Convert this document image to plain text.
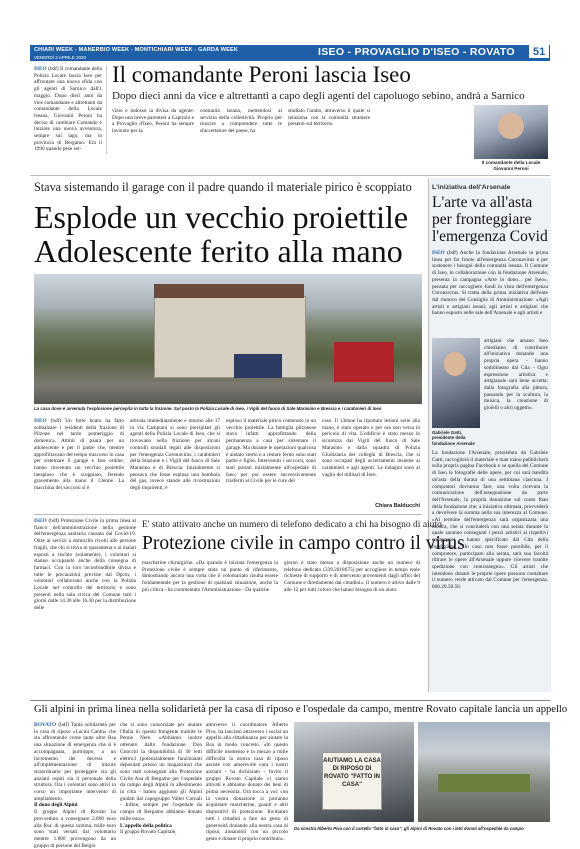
CHIARI WEEK - MANERBIO WEEK - MONTICHIARI WEEK - GARDA WEEK
VENERDÌ 3 APRILE 2020	ISEO - PROVAGLIO D'ISEO - ROVATO	51
ISEO (bdf) Il comandante della Polizia Locale lascia Iseo per affrontare una nuova sfida con gli agenti di Sarnico dall'1 maggio. Dopo dieci anni da vice comandante e altrettanti da comandante della Locale Iseana, Giovanni Peroni ha deciso di cambiare Comando e iniziare una nuova avventura, sempre sul lago, ma in provincia di Bergamo. Era il 1990 quando pese ser-
Il comandante Peroni lascia Iseo
Dopo dieci anni da vice e altrettanti a capo degli agenti del capoluogo sebino, andrà a Sarnico
vizio e indossò la divisa da agente. Dopo una breve parentesi a Capriolo e a Provaglio d'Iseo, Peroni ha sempre lavorato per la
comunità iseana, mettendosi al servizio della collettività. Proprio per riuscire a comprendere tutte le sfaccettature del paese, ha
studiato l'arabo, attraverso il quale si relaziona con la comunità straniere presenti sul territorio.
Il comandante della Locale Giovanni Peroni
Stava sistemando il garage con il padre quando il materiale pirico è scoppiato
Esplode un vecchio proiettile
Adolescente ferito alla mano
La casa dove è avvenuta l'esplosione percepita in tutta la frazione. Sul posto la Polizia Locale di Iseo, i Vigili del fuoco di Sale Marasino e Brescia e i carabinieri di Iseo
ISEO (bdf) Un forte boato ha fatto sobbalzare i residenti della frazione di Pilzone nel tardo pomeriggio di domenica. Attimi di paura per un adolescente e per il padre che, mentre approfittavano del tempo trascorso in casa per sistemare il garage e fare ordine, hanno rinvenuto un vecchio proiettile inesploso che è scoppiato, ferendo gravemente alla mano il 13enne. La macchina dei soccorsi si è
attivata immediatamente e intorno alle 17 in via Campiani si sono precipitati gli agenti della Polizia Locale di Iseo, che si trovavano nella frazione per alcuni controlli stradali legati alle disposizioni per l'emergenza Coronavirus, i carabinieri della Stazione e i Vigili del fuoco di Sale Marasino e di Brescia. Inizialmente si pensava che fosse esplosa una bombola del gas, invece stando alle ricostruzioni degli inquirenti, è
esploso il materiale pirico contenuto in un vecchio proiettile. La famiglia pilzonese stava infatti approfittando della permanenza a casa per sistemare il garage. Ma durante le operazioni qualcosa è andato storto e a restare ferito sono stati padre e figlio. Intervenuti i soccorsi, sono stati portati inizialmente all'ospedale di Iseo, per poi essere successivamente trasferiti al Civile per le cure del
caso. Il 13enne ha riportato lesioni serie alla mano, è stato operato e per ora non versa in pericolo di vita. L'edificio è stato messo in sicurezza dai Vigili del fuoco di Sale Marasino e dalla squadra di Polizia Giudiziaria dei colleghi di Brescia, che si sono occupati degli accertamenti insieme ai carabinieri e agli agenti. Le indagini sono al vaglio dei militari di Iseo.
Chiara Balducchi
L'iniziativa dell'Arsenale
L'arte va all'asta per fronteggiare l'emergenza Covid
ISEO (bdf) Anche la fondazione Arsenale in prima linea per far fronte all'emergenza Coronavirus e per sostenere i bisogni della comunità iseana. Il Comune di Iseo, in collaborazione con la fondazione Arsenale, presenta la campagna «Arte in dono... per Iseo», pensata per raccogliere fondi in vista dell'emergenza Coronavirus. Si tratta della prima iniziativa dell'ente dal rinnovo del Consiglio di Amministrazione. «Agli artisti e artigiani iseani, agli artisti e artigiani che hanno esposto nelle sale dell'Arsenale e agli artisti e
Gabriele Gatti, presidente della fondazione Arsenale
artigiani che amano Iseo chiediamo di contribuire all'iniziativa donando una propria opera - hanno sottolineato dal Cda - Ogni espressione artistica e artigianale sarà bene accetta: dalla fotografia alla pittura, passando per la scultura, la musica, la creazione di gioielli o altri oggetti».
La fondazione l'Arsenale, presieduta da Gabriele Gatti, raccoglierà il materiale e man mano pubblicherà sulla propria pagina Facebook e su quella del Comune di Iseo le fotografie delle opere, per cui sarà bandita un'asta della durata di una settimana ciascuna. I compratori dovranno fare, una volta ricevuta la comunicazione dell'assegnazione da parte dell'Arsenale, la propria donazione sul conto Iban della fondazione che, a iniziativa ultimata, provvederà a devolvere la somma nella sua interezza al Comune. «Al termine dell'emergenza sarà organizzata una mostra, che si concluderà con una serata durante la quale saranno consegnati i pezzi artistici ai rispettivi compratori - hanno specificato dal Cda della fondazione - In caso non fosse possibile, per il compratore, partecipare alla serata, sarà sua facoltà ritirare le opere all'Arsenale oppure ricevere tramite spedizione con contrassegno». Gli artisti che intendono donare le proprie opere possono contattare il numero verde attivato dal Comune per l'emergenza, 800.20.58.58.
ISEO (bdf) Protezione Civile in prima linea al fianco dell'amministrazione nella gestione dell'emergenza sanitaria causata dal Covid-19. Oltre ai servizi a domicilio rivolti alle persone fragili, che chi si trova in quarantena o ai malati esposti a rischio (solamente), i volontari si stanno occupando anche della consegna di farmaci. Con la loro inconfondibile divisa e tutte le precauzioni previste dal Dpcm, i volontari collaborano anche con la Polizia Locale nel controllo del territorio e sono presenti nella sala civica del Comune tutti i giorni dalle 14.30 alle 16.30 per la distribuzione delle
E' stato attivato anche un numero di telefono dedicato a chi ha bisogno di aiuto
Protezione civile in campo contro il virus
mascherine chirurgiche. «Da quando è iniziata l'emergenza la Protezione civile è sempre stata un punto di riferimento, dimostrando ancora una volta che il volontariato risulta essere fondamentale per la gestione di qualsiasi situazione, anche la più critica - ha commentato l'Amministrazione - Da qualche
giorno è stato messo a disposizione anche un numero di telefono dedicato (339.2018675) per accogliere in tempo reale richieste di supporto e di intervento provenienti dagli uffici del Comune e direttamente dai cittadini». Il numero è attivo dalle 9 alle 12 per tutti coloro che hanno bisogno di un aiuto.
Gli alpini in prima linea nella solidarietà per la casa di riposo e l'ospedale da campo, mentre Rovato capitale lancia un appello
ROVATO (bdf) Tanta solidarietà per la casa di riposo «Lucini Cantù» che sta affrontando come tante altre Rsa una situazione di emergenza che si è accompagnata, purtroppo, a un incremento dei decessi e all'implementazione di misure straordinarie per proteggere sia gli anziani ospiti sia il personale della struttura. Ora i volontari sono attivi in corso un importante intervento di ampliamento.
Il dono degli Alpini
Il gruppo Alpini di Rovato ha provveduto a consegnare 2.800 euro alla Rsa: di questa somma, mille euro sono stati versati dal volontario mentre 1.800 provengono da un gruppo di persone del Belgio
che si sono consorziate per aiutare l'Italia in questo frangente tramite le Penne Nere. «Abbiamo inoltre ottenuto dalla fondazione Don Gnocchi la disponibilità di 30 letti elettrici (potenzialmente funzionanti depositati presso un magazzino) che sono stati consegnati alla Protezione Civile Ana di Bergamo per l'ospedale da campo degli Alpini in allestimento in città - hanno aggiunto gli Alpini guidati dal capogruppo Valter Cornali - Infine, sempre per l'ospedale da campo di Bergamo abbiamo donato mille euro».
L'appello della politica
Il gruppo Rovato Capitale,
attraverso il coordinatore Alberto Piva, ha lanciato attraverso i social un appello alla cittadinanza per aiutare la Rsa in modo concreto. «In questo difficile momento e in mezzo a mille difficoltà la nostra casa di riposo assiste con amorevole cura i nostri anziani - ha dichiarato - Invito il gruppo Rovato Capitale ci siamo attivati e abbiamo donato dei beni di prima necessità. Ora tocca a voi: con la vostra donazione si potranno acquistare mascherine, guanti e altri dispositivi di protezione. Invitiamo tutti i cittadini a fare un gesto di generosità donando alla nostra casa di riposo, aiutandoli con un piccolo gesto e donare il proprio contributo».
AIUTIAMO LA CASA DI RIPOSO DI ROVATO "FATTO IN CASA"
Da sinistra Alberto Piva con il cartello "fatto in casa"; gli Alpini di Rovato con i letti donati all'ospedale da campo
